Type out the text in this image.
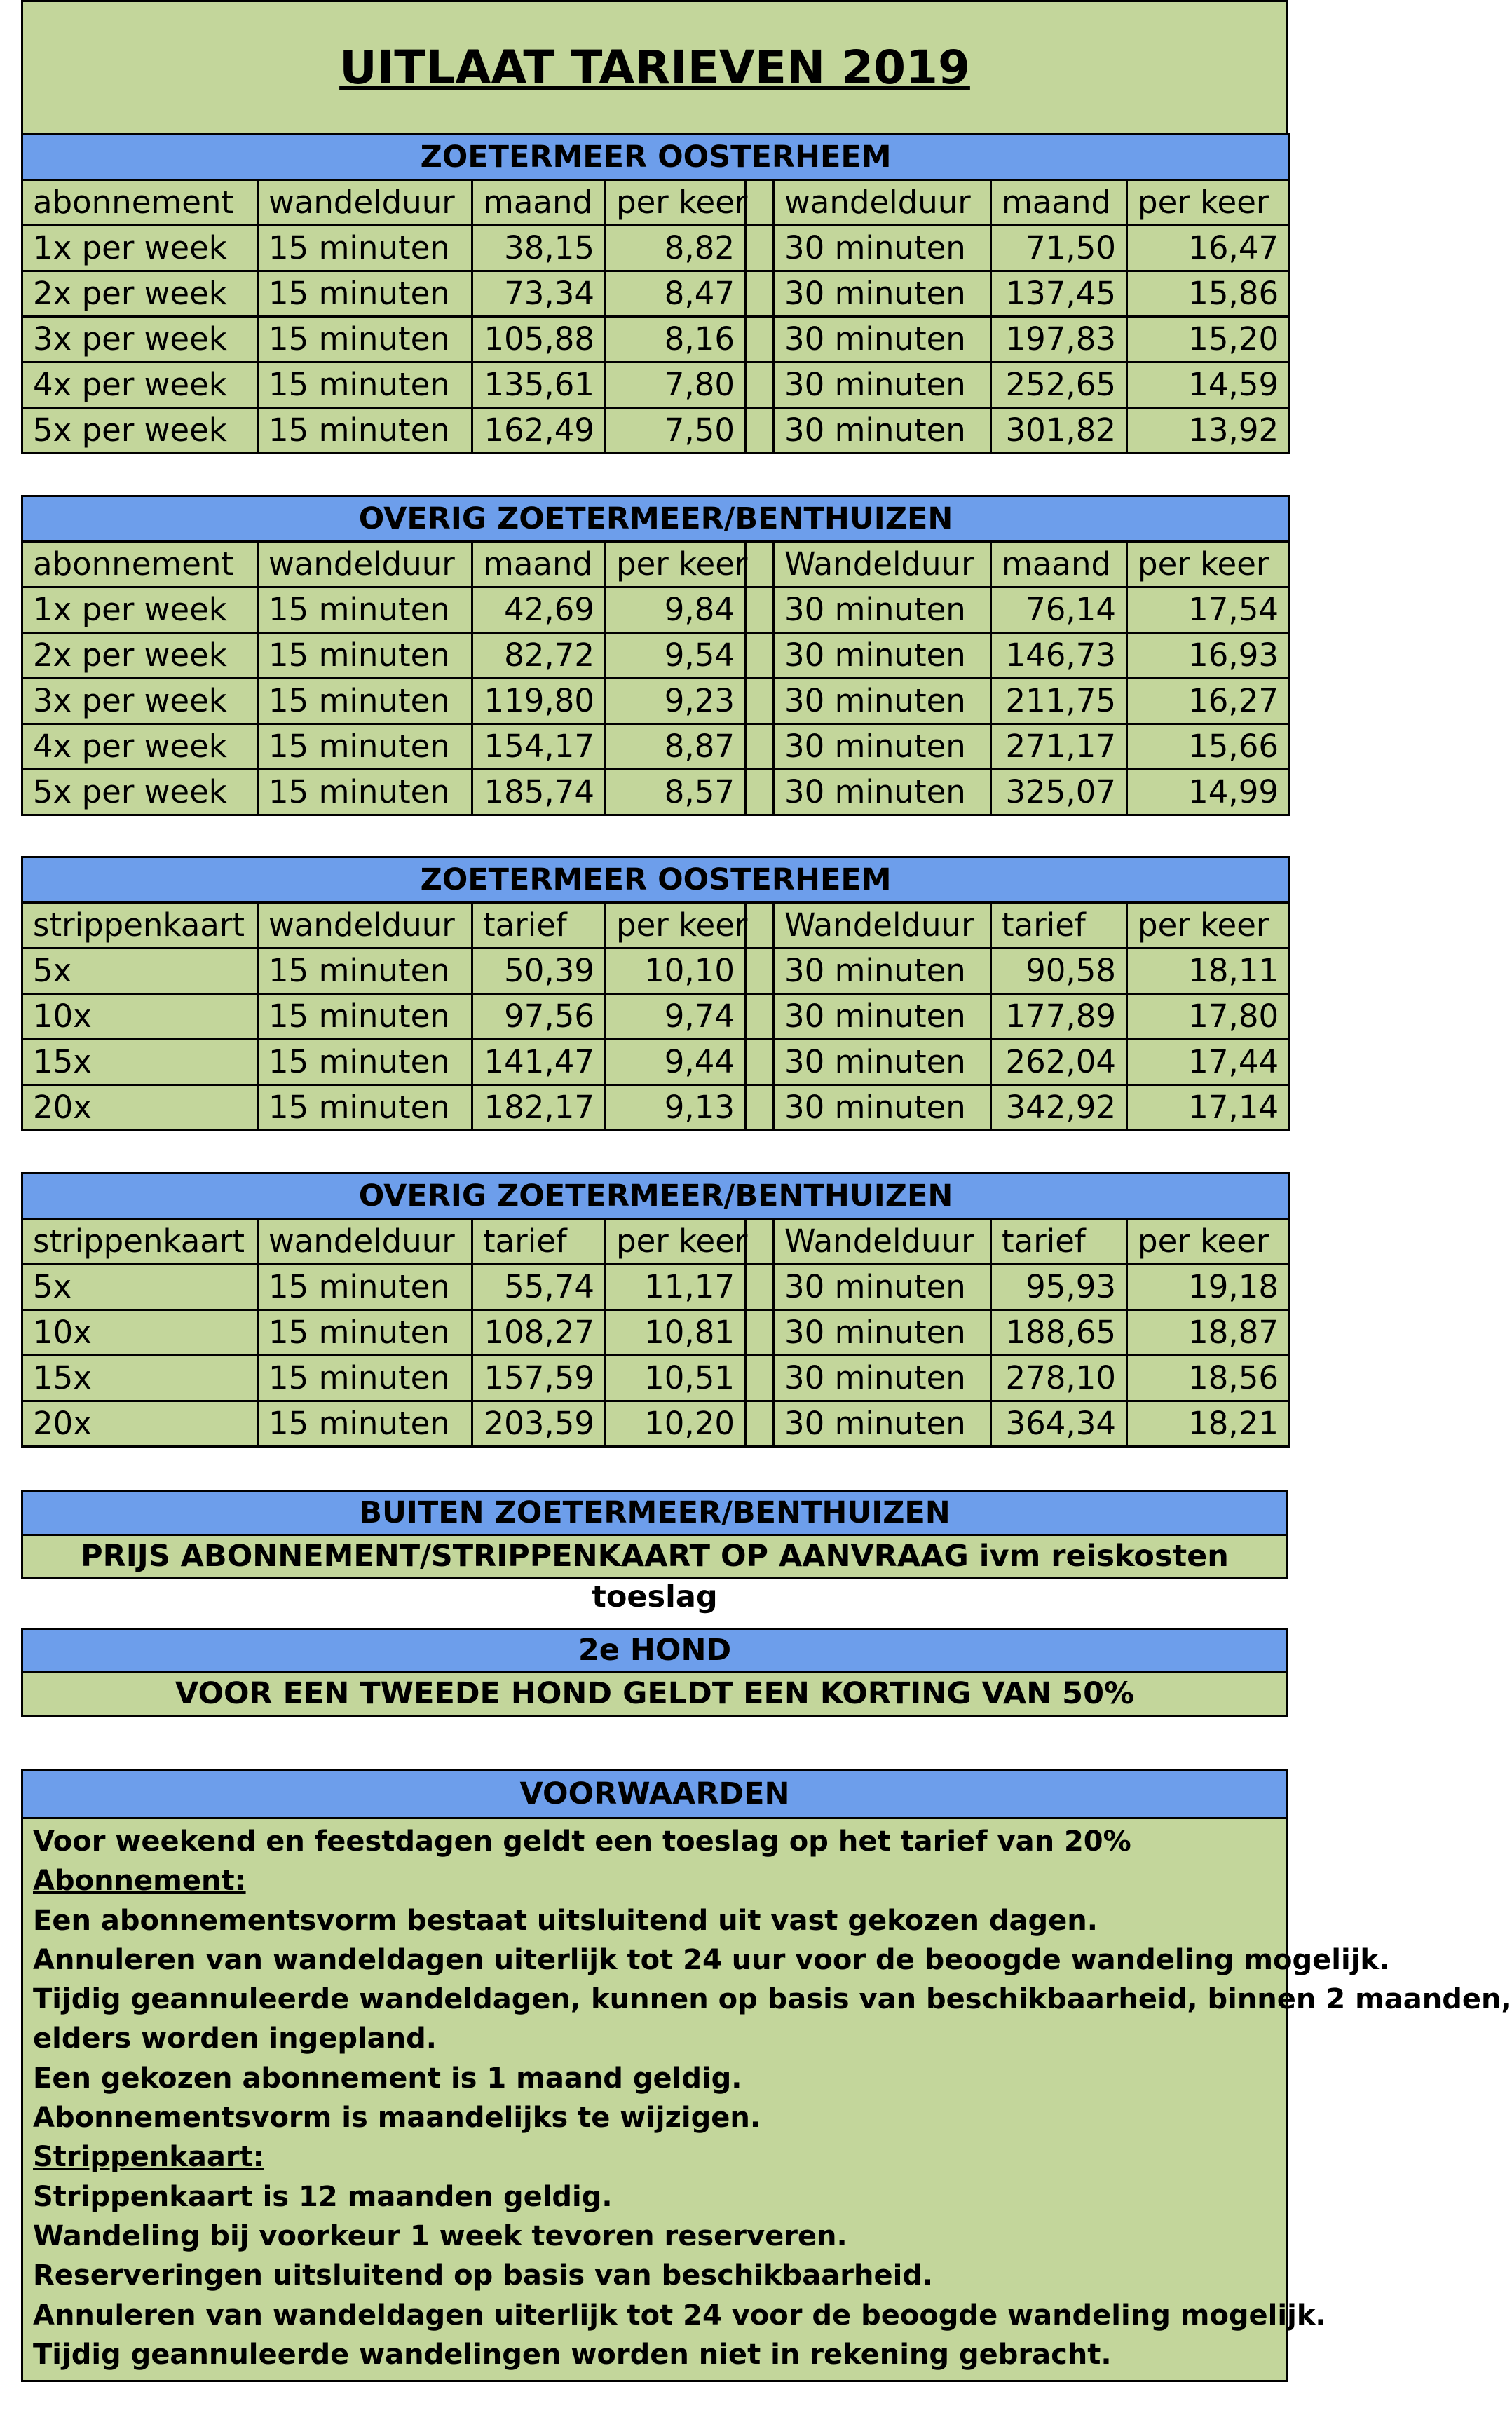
UITLAAT TARIEVEN 2019
ZOETERMEER OOSTERHEEM							
abonnement	wandelduur	maand	per keer		wandelduur	maand	per keer
1x per week	15 minuten	38,15	8,82		30 minuten	71,50	16,47
2x per week	15 minuten	73,34	8,47		30 minuten	137,45	15,86
3x per week	15 minuten	105,88	8,16		30 minuten	197,83	15,20
4x per week	15 minuten	135,61	7,80		30 minuten	252,65	14,59
5x per week	15 minuten	162,49	7,50		30 minuten	301,82	13,92
OVERIG ZOETERMEER/BENTHUIZEN							
abonnement	wandelduur	maand	per keer		Wandelduur	maand	per keer
1x per week	15 minuten	42,69	9,84		30 minuten	76,14	17,54
2x per week	15 minuten	82,72	9,54		30 minuten	146,73	16,93
3x per week	15 minuten	119,80	9,23		30 minuten	211,75	16,27
4x per week	15 minuten	154,17	8,87		30 minuten	271,17	15,66
5x per week	15 minuten	185,74	8,57		30 minuten	325,07	14,99
ZOETERMEER OOSTERHEEM							
strippenkaart	wandelduur	tarief	per keer		Wandelduur	tarief	per keer
5x	15 minuten	50,39	10,10		30 minuten	90,58	18,11
10x	15 minuten	97,56	9,74		30 minuten	177,89	17,80
15x	15 minuten	141,47	9,44		30 minuten	262,04	17,44
20x	15 minuten	182,17	9,13		30 minuten	342,92	17,14
OVERIG ZOETERMEER/BENTHUIZEN							
strippenkaart	wandelduur	tarief	per keer		Wandelduur	tarief	per keer
5x	15 minuten	55,74	11,17		30 minuten	95,93	19,18
10x	15 minuten	108,27	10,81		30 minuten	188,65	18,87
15x	15 minuten	157,59	10,51		30 minuten	278,10	18,56
20x	15 minuten	203,59	10,20		30 minuten	364,34	18,21
BUITEN ZOETERMEER/BENTHUIZEN
PRIJS ABONNEMENT/STRIPPENKAART OP AANVRAAG ivm reiskosten toeslag
2e HOND
VOOR EEN TWEEDE HOND GELDT EEN KORTING VAN 50%
VOORWAARDEN
Voor weekend en feestdagen geldt een toeslag op het tarief van 20%
Abonnement:
Een abonnementsvorm bestaat uitsluitend uit vast gekozen dagen.
Annuleren van wandeldagen uiterlijk tot 24 uur voor de beoogde wandeling mogelijk.
Tijdig geannuleerde wandeldagen, kunnen op basis van beschikbaarheid, binnen 2 maanden,
elders worden ingepland.
Een gekozen abonnement is 1 maand geldig.
Abonnementsvorm is maandelijks te wijzigen.
Strippenkaart:
Strippenkaart is 12 maanden geldig.
Wandeling bij voorkeur 1 week tevoren reserveren.
Reserveringen uitsluitend op basis van beschikbaarheid.
Annuleren van wandeldagen uiterlijk tot 24 voor de beoogde wandeling mogelijk.
Tijdig geannuleerde wandelingen worden niet in rekening gebracht.
